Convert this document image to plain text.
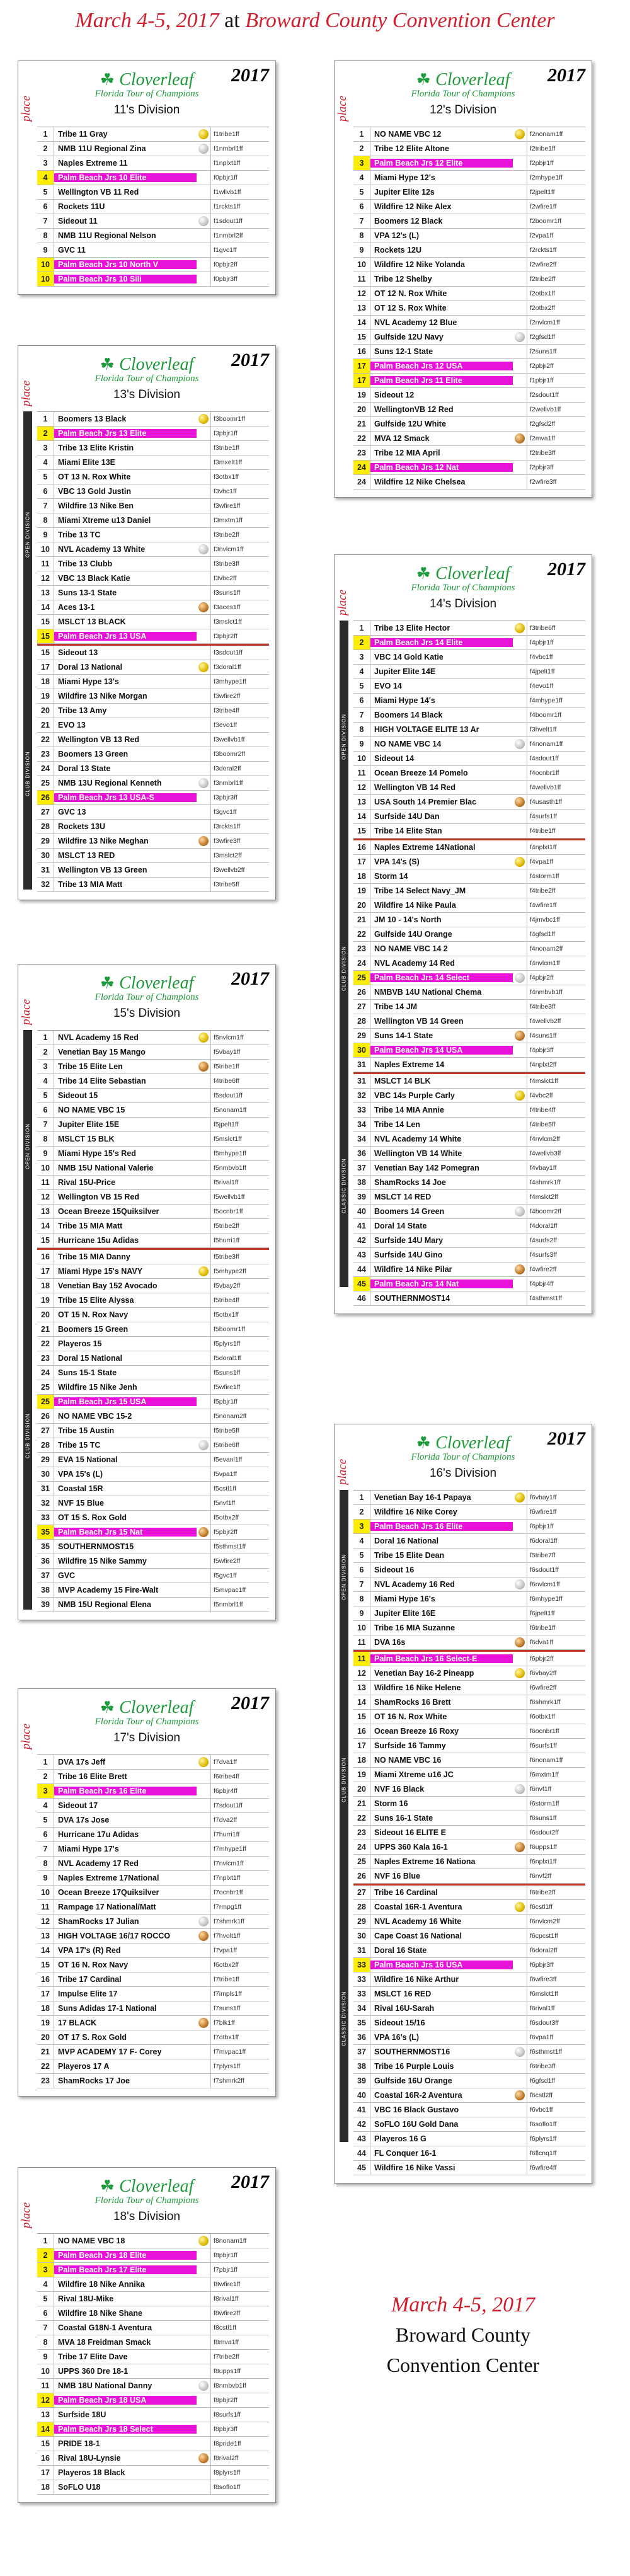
March 4-5, 2017 at Broward County Convention Center
2017
☘ Cloverleaf
Florida Tour of Champions
11's Division
place
1	Tribe 11 Gray	f1tribe1ff
2	NMB 11U Regional Zina	f1nmbrl1ff
3	Naples Extreme 11	f1nplxt1ff
4	Palm Beach Jrs 10 Elite	f0pbjr1ff
5	Wellington VB 11 Red	f1wllvb1ff
6	Rockets 11U	f1rckts1ff
7	Sideout 11	f1sdout1ff
8	NMB 11U Regional Nelson	f1nmbrl2ff
9	GVC 11	f1gvc1ff
10	Palm Beach Jrs 10 North V	f0pbjr2ff
10	Palm Beach Jrs 10 Sili	f0pbjr3ff
2017
☘ Cloverleaf
Florida Tour of Champions
12's Division
place
1	NO NAME VBC 12	f2nonam1ff
2	Tribe 12 Elite Altone	f2tribe1ff
3	Palm Beach Jrs 12 Elite	f2pbjr1ff
4	Miami Hype 12's	f2mhype1ff
5	Jupiter Elite 12s	f2jpelt1ff
6	Wildfire 12 Nike Alex	f2wfire1ff
7	Boomers 12 Black	f2boomr1ff
8	VPA 12's (L)	f2vpa1ff
9	Rockets 12U	f2rckts1ff
10	Wildfire 12 Nike Yolanda	f2wfire2ff
11	Tribe 12 Shelby	f2tribe2ff
12	OT 12 N. Rox White	f2otbx1ff
13	OT 12 S. Rox White	f2otbx2ff
14	NVL Academy 12 Blue	f2nvlcm1ff
15	Gulfside 12U Navy	f2gfsd1ff
16	Suns 12-1 State	f2suns1ff
17	Palm Beach Jrs 12 USA	f2pbjr2ff
17	Palm Beach Jrs 11 Elite	f1pbjr1ff
19	Sideout 12	f2sdout1ff
20	WellingtonVB 12 Red	f2wellvb1ff
21	Gulfside 12U White	f2gfsd2ff
22	MVA 12 Smack	f2mva1ff
23	Tribe 12 MIA April	f2tribe3ff
24	Palm Beach Jrs 12 Nat	f2pbjr3ff
24	Wildfire 12 Nike Chelsea	f2wfire3ff
2017
☘ Cloverleaf
Florida Tour of Champions
13's Division
place
1	Boomers 13 Black	f3boomr1ff
2	Palm Beach Jrs 13 Elite	f3pbjr1ff
3	Tribe 13 Elite Kristin	f3tribe1ff
4	Miami Elite 13E	f3mxelt1ff
5	OT 13 N. Rox White	f3otbx1ff
6	VBC 13 Gold Justin	f3vbc1ff
7	Wildfire 13 Nike Ben	f3wfire1ff
8	Miami Xtreme u13 Daniel	f3mxtm1ff
9	Tribe 13 TC	f3tribe2ff
10	NVL Academy 13 White	f3nvlcm1ff
11	Tribe 13 Clubb	f3tribe3ff
12	VBC 13 Black Katie	f3vbc2ff
13	Suns 13-1 State	f3suns1ff
14	Aces 13-1	f3aces1ff
15	MSLCT 13 BLACK	f3mslct1ff
15	Palm Beach Jrs 13 USA	f3pbjr2ff
15	Sideout 13	f3sdout1ff
17	Doral 13 National	f3doral1ff
18	Miami Hype 13's	f3mhype1ff
19	Wildfire 13 Nike Morgan	f3wfire2ff
20	Tribe 13 Amy	f3tribe4ff
21	EVO 13	f3evo1ff
22	Wellington VB 13 Red	f3wellvb1ff
23	Boomers 13 Green	f3boomr2ff
24	Doral 13 State	f3doral2ff
25	NMB 13U Regional Kenneth	f3nmbrl1ff
26	Palm Beach Jrs 13 USA-S	f3pbjr3ff
27	GVC 13	f3gvc1ff
28	Rockets 13U	f3rckts1ff
29	Wildfire 13 Nike Meghan	f3wfire3ff
30	MSLCT 13 RED	f3mslct2ff
31	Wellington VB 13 Green	f3wellvb2ff
32	Tribe 13 MIA Matt	f3tribe5ff
OPEN DIVISION
CLUB DIVISION
2017
☘ Cloverleaf
Florida Tour of Champions
14's Division
place
1	Tribe 13 Elite Hector	f3tribe6ff
2	Palm Beach Jrs 14 Elite	f4pbjr1ff
3	VBC 14 Gold Katie	f4vbc1ff
4	Jupiter Elite 14E	f4jpelt1ff
5	EVO 14	f4evo1ff
6	Miami Hype 14's	f4mhype1ff
7	Boomers 14 Black	f4boomr1ff
8	HIGH VOLTAGE ELITE 13 Ar	f3hvelt1ff
9	NO NAME VBC 14	f4nonam1ff
10	Sideout 14	f4sdout1ff
11	Ocean Breeze 14 Pomelo	f4ocnbr1ff
12	Wellington VB 14 Red	f4wellvb1ff
13	USA South 14 Premier Blac	f4usasth1ff
14	Surfside 14U Dan	f4surfs1ff
15	Tribe 14 Elite Stan	f4tribe1ff
16	Naples Extreme 14National	f4nplxt1ff
17	VPA 14's (S)	f4vpa1ff
18	Storm 14	f4storm1ff
19	Tribe 14 Select Navy_JM	f4tribe2ff
20	Wildfire 14 Nike Paula	f4wfire1ff
21	JM 10 - 14's North	f4jmvbc1ff
22	Gulfside 14U Orange	f4gfsd1ff
23	NO NAME VBC 14 2	f4nonam2ff
24	NVL Academy 14 Red	f4nvlcm1ff
25	Palm Beach Jrs 14 Select	f4pbjr2ff
26	NMBVB 14U National Chema	f4nmbvb1ff
27	Tribe 14 JM	f4tribe3ff
28	Wellington VB 14 Green	f4wellvb2ff
29	Suns 14-1 State	f4suns1ff
30	Palm Beach Jrs 14 USA	f4pbjr3ff
31	Naples Extreme 14	f4nplxt2ff
31	MSLCT 14 BLK	f4mslct1ff
32	VBC 14s Purple Carly	f4vbc2ff
33	Tribe 14 MIA Annie	f4tribe4ff
34	Tribe 14 Len	f4tribe5ff
34	NVL Academy 14 White	f4nvlcm2ff
36	Wellington VB 14 White	f4wellvb3ff
37	Venetian Bay 142 Pomegran	f4vbay1ff
38	ShamRocks 14 Joe	f4shmrk1ff
39	MSLCT 14 RED	f4mslct2ff
40	Boomers 14 Green	f4boomr2ff
41	Doral 14 State	f4doral1ff
42	Surfside 14U Mary	f4surfs2ff
43	Surfside 14U Gino	f4surfs3ff
44	Wildfire 14 Nike Pilar	f4wfire2ff
45	Palm Beach Jrs 14 Nat	f4pbjr4ff
46	SOUTHERNMOST14	f4sthmst1ff
OPEN DIVISION
CLUB DIVISION
CLASSIC DIVISION
2017
☘ Cloverleaf
Florida Tour of Champions
15's Division
place
1	NVL Academy 15 Red	f5nvlcm1ff
2	Venetian Bay 15 Mango	f5vbay1ff
3	Tribe 15 Elite Len	f5tribe1ff
4	Tribe 14 Elite Sebastian	f4tribe6ff
5	Sideout 15	f5sdout1ff
6	NO NAME VBC 15	f5nonam1ff
7	Jupiter Elite 15E	f5jpelt1ff
8	MSLCT 15 BLK	f5mslct1ff
9	Miami Hype 15's Red	f5mhype1ff
10	NMB 15U National Valerie	f5nmbvb1ff
11	Rival 15U-Price	f5rival1ff
12	Wellington VB 15 Red	f5wellvb1ff
13	Ocean Breeze 15Quiksilver	f5ocnbr1ff
14	Tribe 15 MIA Matt	f5tribe2ff
15	Hurricane 15u Adidas	f5hurri1ff
16	Tribe 15 MIA Danny	f5tribe3ff
17	Miami Hype 15's NAVY	f5mhype2ff
18	Venetian Bay 152 Avocado	f5vbay2ff
19	Tribe 15 Elite Alyssa	f5tribe4ff
20	OT 15 N. Rox Navy	f5otbx1ff
21	Boomers 15 Green	f5boomr1ff
22	Playeros 15	f5plyrs1ff
23	Doral 15 National	f5doral1ff
24	Suns 15-1 State	f5suns1ff
25	Wildfire 15 Nike Jenh	f5wfire1ff
25	Palm Beach Jrs 15 USA	f5pbjr1ff
26	NO NAME VBC 15-2	f5nonam2ff
27	Tribe 15 Austin	f5tribe5ff
28	Tribe 15 TC	f5tribe6ff
29	EVA 15 National	f5evanl1ff
30	VPA 15's (L)	f5vpa1ff
31	Coastal 15R	f5cstl1ff
32	NVF 15 Blue	f5nvf1ff
33	OT 15 S. Rox Gold	f5otbx2ff
35	Palm Beach Jrs 15 Nat	f5pbjr2ff
35	SOUTHERNMOST15	f5sthmst1ff
36	Wildfire 15 Nike Sammy	f5wfire2ff
37	GVC	f5gvc1ff
38	MVP Academy 15 Fire-Walt	f5mvpac1ff
39	NMB 15U Regional Elena	f5nmbrl1ff
OPEN DIVISION
CLUB DIVISION	2017
☘ Cloverleaf
Florida Tour of Champions
16's Division
place
1	Venetian Bay 16-1 Papaya	f6vbay1ff
2	Wildfire 16 Nike Corey	f6wfire1ff
3	Palm Beach Jrs 16 Elite	f6pbjr1ff
4	Doral 16 National	f6doral1ff
5	Tribe 15 Elite Dean	f5tribe7ff
6	Sideout 16	f6sdout1ff
7	NVL Academy 16 Red	f6nvlcm1ff
8	Miami Hype 16's	f6mhype1ff
9	Jupiter Elite 16E	f6jpelt1ff
10	Tribe 16 MIA Suzanne	f6tribe1ff
11	DVA 16s	f6dva1ff
11	Palm Beach Jrs 16 Select-E	f6pbjr2ff
12	Venetian Bay 16-2 Pineapp	f6vbay2ff
13	Wildfire 16 Nike Helene	f6wfire2ff
14	ShamRocks 16 Brett	f6shmrk1ff
15	OT 16 N. Rox White	f6otbx1ff
16	Ocean Breeze 16 Roxy	f6ocnbr1ff
17	Surfside 16 Tammy	f6surfs1ff
18	NO NAME VBC 16	f6nonam1ff
19	Miami Xtreme u16 JC	f6mxtm1ff
20	NVF 16 Black	f6nvf1ff
21	Storm 16	f6storm1ff
22	Suns 16-1 State	f6suns1ff
23	Sideout 16 ELITE E	f6sdout2ff
24	UPPS 360 Kala 16-1	f6upps1ff
25	Naples Extreme 16 Nationa	f6nplxt1ff
26	NVF 16 Blue	f6nvf2ff
27	Tribe 16 Cardinal	f6tribe2ff
28	Coastal 16R-1 Aventura	f6cstl1ff
29	NVL Academy 16 White	f6nvlcm2ff
30	Cape Coast 16 National	f6cpcst1ff
31	Doral 16 State	f6doral2ff
33	Palm Beach Jrs 16 USA	f6pbjr3ff
33	Wildfire 16 Nike Arthur	f6wfire3ff
33	MSLCT 16 RED	f6mslct1ff
34	Rival 16U-Sarah	f6rival1ff
35	Sideout 15/16	f6sdout3ff
36	VPA 16's (L)	f6vpa1ff
37	SOUTHERNMOST16	f6sthmst1ff
38	Tribe 16 Purple Louis	f6tribe3ff
39	Gulfside 16U Orange	f6gfsd1ff
40	Coastal 16R-2 Aventura	f6cstl2ff
41	VBC 16 Black Gustavo	f6vbc1ff
42	SoFLO 16U Gold Dana	f6soflo1ff
43	Playeros 16 G	f6plyrs1ff
44	FL Conquer 16-1	f6flcnq1ff
45	Wildfire 16 Nike Vassi	f6wfire4ff
OPEN DIVISION
CLUB DIVISION
CLASSIC DIVISION
2017
☘ Cloverleaf
Florida Tour of Champions
17's Division
place
1	DVA 17s Jeff	f7dva1ff
2	Tribe 16 Elite Brett	f6tribe4ff
3	Palm Beach Jrs 16 Elite	f6pbjr4ff
4	Sideout 17	f7sdout1ff
5	DVA 17s Jose	f7dva2ff
6	Hurricane 17u Adidas	f7hurri1ff
7	Miami Hype 17's	f7mhype1ff
8	NVL Academy 17 Red	f7nvlcm1ff
9	Naples Extreme 17National	f7nplxt1ff
10	Ocean Breeze 17Quiksilver	f7ocnbr1ff
11	Rampage 17 National/Matt	f7rmpg1ff
12	ShamRocks 17 Julian	f7shmrk1ff
13	HIGH VOLTAGE 16/17 ROCCO	f7hvolt1ff
14	VPA 17's (R) Red	f7vpa1ff
15	OT 16 N. Rox Navy	f6otbx2ff
16	Tribe 17 Cardinal	f7tribe1ff
17	Impulse Elite 17	f7impls1ff
18	Suns Adidas 17-1 National	f7suns1ff
19	17 BLACK	f7blk1ff
20	OT 17 S. Rox Gold	f7otbx1ff
21	MVP ACADEMY 17 F- Corey	f7mvpac1ff
22	Playeros 17 A	f7plyrs1ff
23	ShamRocks 17 Joe	f7shmrk2ff
2017
☘ Cloverleaf
Florida Tour of Champions
18's Division
place
1	NO NAME VBC 18	f8nonam1ff
2	Palm Beach Jrs 18 Elite	f8pbjr1ff
3	Palm Beach Jrs 17 Elite	f7pbjr1ff
4	Wildfire 18 Nike Annika	f8wfire1ff
5	Rival 18U-Mike	f8rival1ff
6	Wildfire 18 Nike Shane	f8wfire2ff
7	Coastal G18N-1 Aventura	f8cstl1ff
8	MVA 18 Freidman Smack	f8mva1ff
9	Tribe 17 Elite Dave	f7tribe2ff
10	UPPS 360 Dre 18-1	f8upps1ff
11	NMB 18U National Danny	f8nmbvb1ff
12	Palm Beach Jrs 18 USA	f8pbjr2ff
13	Surfside 18U	f8surfs1ff
14	Palm Beach Jrs 18 Select	f8pbjr3ff
15	PRIDE 18-1	f8pride1ff
16	Rival 18U-Lynsie	f8rival2ff
17	Playeros 18 Black	f8plyrs1ff
18	SoFLO U18	f8soflo1ff
March 4-5, 2017
Broward County
Convention Center
